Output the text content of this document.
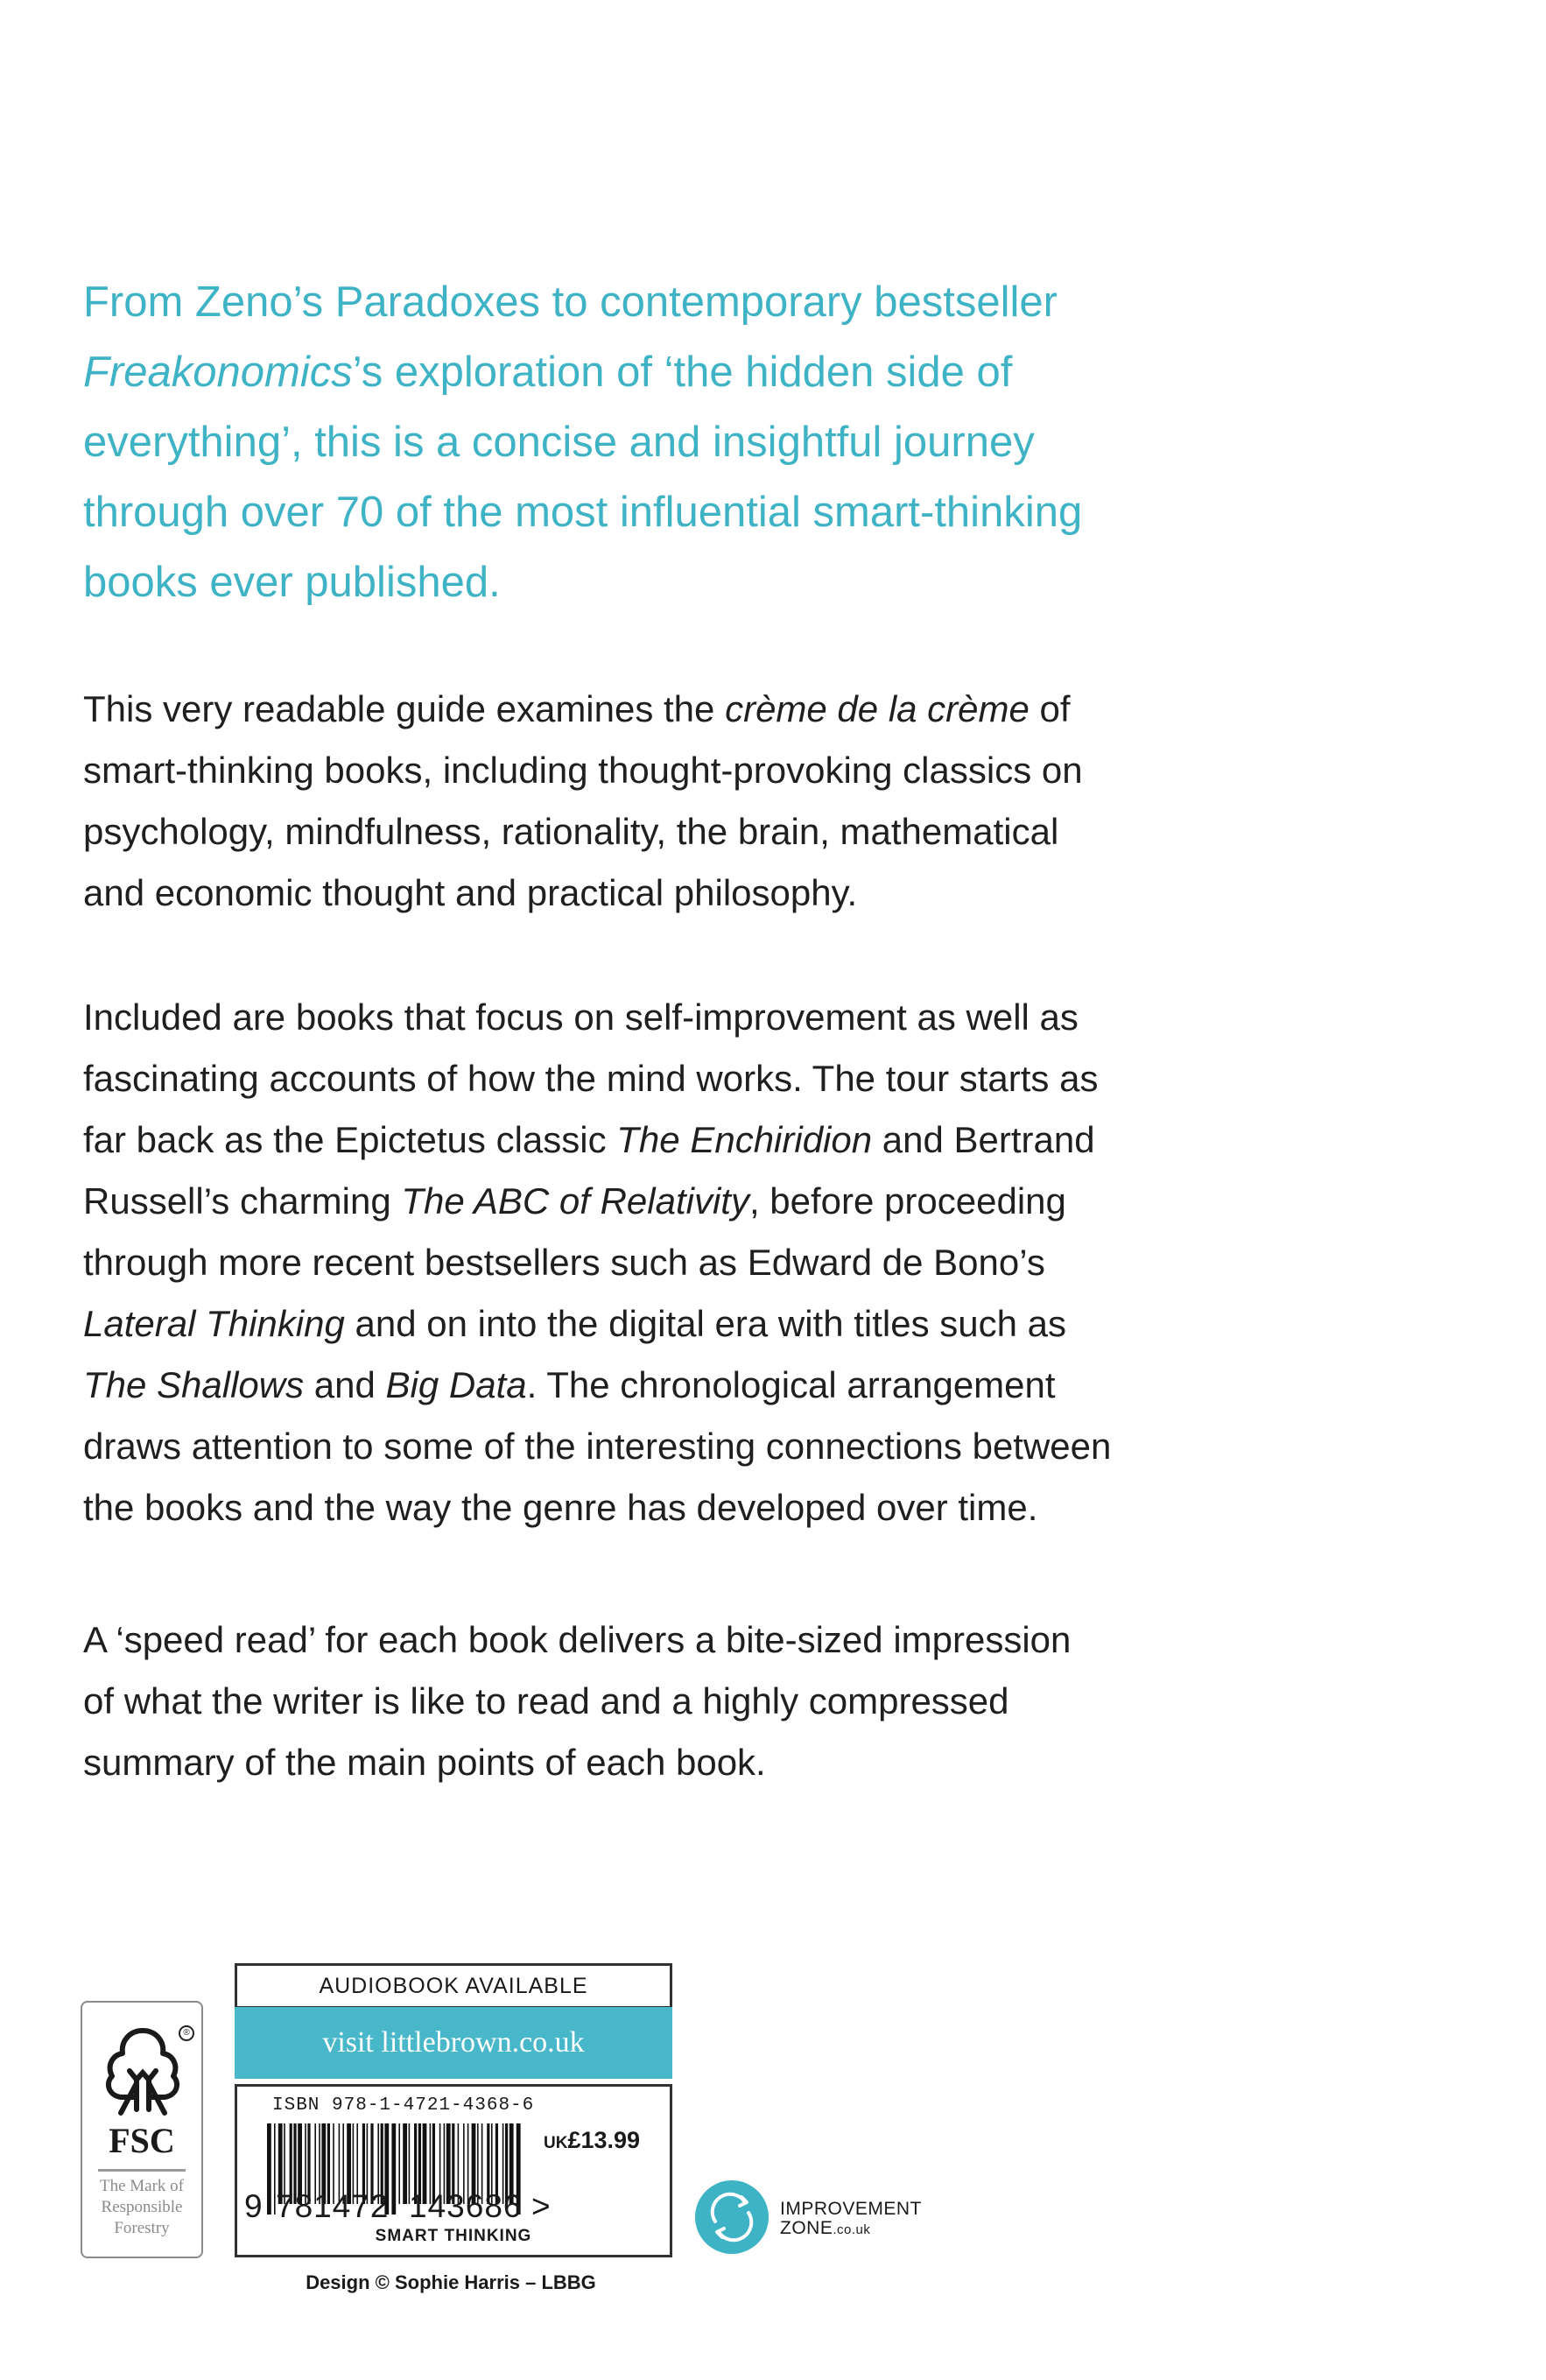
From Zeno’s Paradoxes to contemporary bestseller
Freakonomics’s exploration of ‘the hidden side of
everything’, this is a concise and insightful journey
through over 70 of the most influential smart-thinking
books ever published.
This very readable guide examines the crème de la crème of
smart-thinking books, including thought-provoking classics on
psychology, mindfulness, rationality, the brain, mathematical
and economic thought and practical philosophy.
Included are books that focus on self-improvement as well as
fascinating accounts of how the mind works. The tour starts as
far back as the Epictetus classic The Enchiridion and Bertrand
Russell’s charming The ABC of Relativity, before proceeding
through more recent bestsellers such as Edward de Bono’s
Lateral Thinking and on into the digital era with titles such as
The Shallows and Big Data. The chronological arrangement
draws attention to some of the interesting connections between
the books and the way the genre has developed over time.
A ‘speed read’ for each book delivers a bite-sized impression
of what the writer is like to read and a highly compressed
summary of the main points of each book.
®
FSC
The Mark of
Responsible
Forestry
AUDIOBOOK AVAILABLE
visit littlebrown.co.uk
ISBN 978-1-4721-4368-6
UK£13.99

9

781472  143686

>

SMART THINKING
Design © Sophie Harris – LBBG
IMPROVEMENT
ZONE.co.uk
